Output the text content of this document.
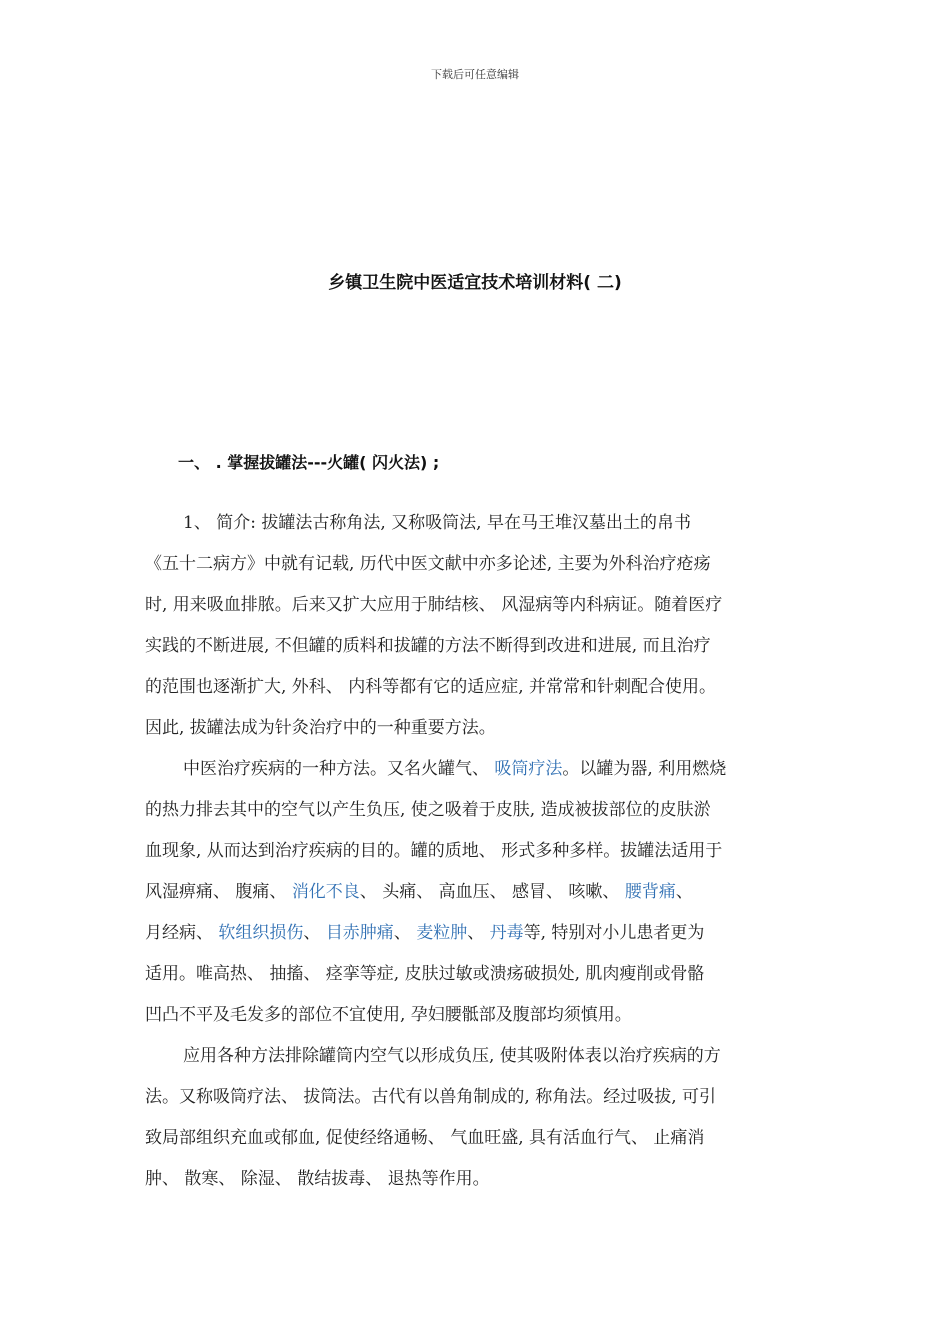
下载后可任意编辑
乡镇卫生院中医适宜技术培训材料( 二)
一、 . 掌握拔罐法---火罐( 闪火法) ;
1、 简介: 拔罐法古称角法, 又称吸筒法, 早在马王堆汉墓出土的帛书
《五十二病方》中就有记载, 历代中医文献中亦多论述, 主要为外科治疗疮疡
时, 用来吸血排脓。后来又扩大应用于肺结核、 风湿病等内科病证。随着医疗
实践的不断进展, 不但罐的质料和拔罐的方法不断得到改进和进展, 而且治疗
的范围也逐渐扩大, 外科、 内科等都有它的适应症, 并常常和针刺配合使用。
因此, 拔罐法成为针灸治疗中的一种重要方法。
中医治疗疾病的一种方法。又名火罐气、 吸筒疗法。以罐为器, 利用燃烧
的热力排去其中的空气以产生负压, 使之吸着于皮肤, 造成被拔部位的皮肤淤
血现象, 从而达到治疗疾病的目的。罐的质地、 形式多种多样。拔罐法适用于
风湿痹痛、 腹痛、 消化不良、 头痛、 高血压、 感冒、 咳嗽、 腰背痛、
月经病、 软组织损伤、 目赤肿痛、 麦粒肿、 丹毒等, 特别对小儿患者更为
适用。唯高热、 抽搐、 痉挛等症, 皮肤过敏或溃疡破损处, 肌肉瘦削或骨骼
凹凸不平及毛发多的部位不宜使用, 孕妇腰骶部及腹部均须慎用。
应用各种方法排除罐筒内空气以形成负压, 使其吸附体表以治疗疾病的方
法。又称吸筒疗法、 拔筒法。古代有以兽角制成的, 称角法。经过吸拔, 可引
致局部组织充血或郁血, 促使经络通畅、 气血旺盛, 具有活血行气、 止痛消
肿、 散寒、 除湿、 散结拔毒、 退热等作用。
